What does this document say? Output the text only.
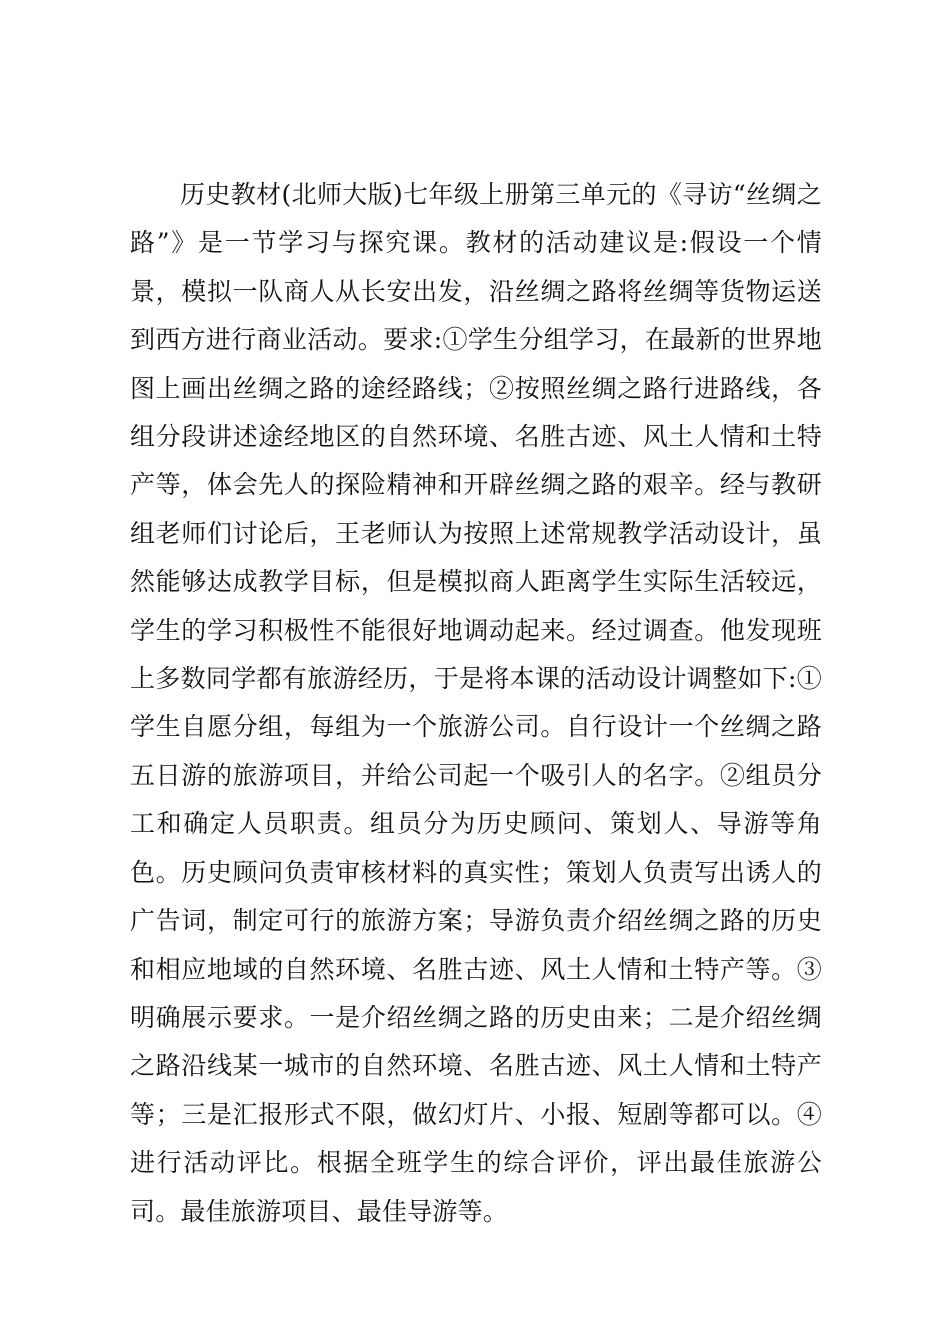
历史教材(北师大版)七年级上册第三单元的《寻访“丝绸之路”》是一节学习与探究课。教材的活动建议是:假设一个情景，模拟一队商人从长安出发，沿丝绸之路将丝绸等货物运送到西方进行商业活动。要求:①学生分组学习，在最新的世界地图上画出丝绸之路的途经路线；②按照丝绸之路行进路线，各组分段讲述途经地区的自然环境、名胜古迹、风土人情和土特产等，体会先人的探险精神和开辟丝绸之路的艰辛。经与教研组老师们讨论后，王老师认为按照上述常规教学活动设计，虽然能够达成教学目标，但是模拟商人距离学生实际生活较远，学生的学习积极性不能很好地调动起来。经过调查。他发现班上多数同学都有旅游经历，于是将本课的活动设计调整如下:①学生自愿分组，每组为一个旅游公司。自行设计一个丝绸之路五日游的旅游项目，并给公司起一个吸引人的名字。②组员分工和确定人员职责。组员分为历史顾问、策划人、导游等角色。历史顾问负责审核材料的真实性；策划人负责写出诱人的广告词，制定可行的旅游方案；导游负责介绍丝绸之路的历史和相应地域的自然环境、名胜古迹、风土人情和土特产等。③明确展示要求。一是介绍丝绸之路的历史由来；二是介绍丝绸之路沿线某一城市的自然环境、名胜古迹、风土人情和土特产等；三是汇报形式不限，做幻灯片、小报、短剧等都可以。④进行活动评比。根据全班学生的综合评价，评出最佳旅游公司。最佳旅游项目、最佳导游等。
